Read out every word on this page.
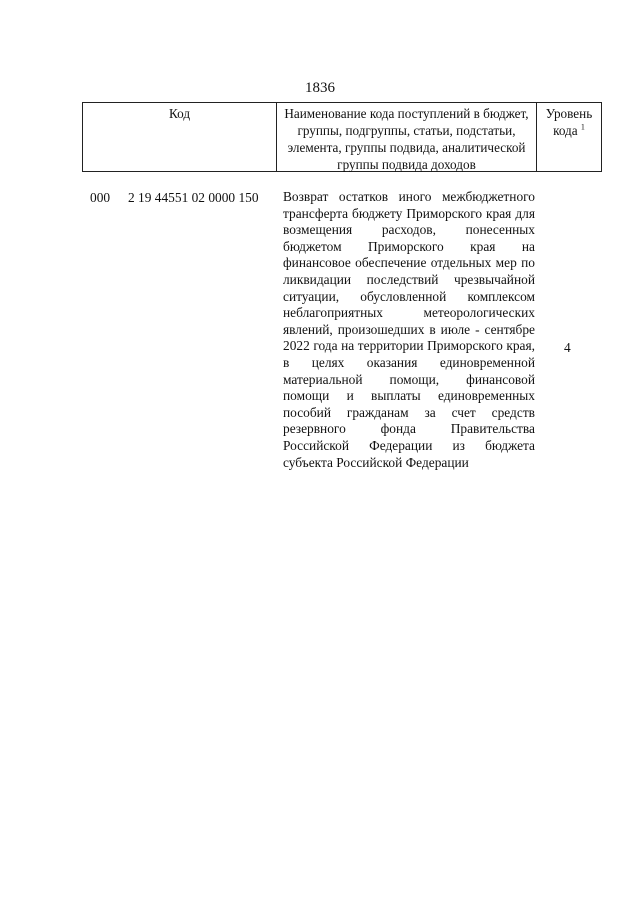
1836
Код	Наименование кода поступлений в бюджет, группы, подгруппы, статьи, подстатьи, элемента, группы подвида, аналитической группы подвида доходов
Уровень кода $^1$
000 2 19 44551 02 0000 150 Возврат остатков иного межбюджетного трансферта бюджету Приморского края для возмещения расходов, понесенных бюджетом Приморского края на финансовое обеспечение отдельных мер по ликвидации последствий чрезвычайной ситуации, обусловленной комплексом неблагоприятных метеорологических явлений, произошедших в июле - сентябре 2022 года на территории Приморского края, в целях оказания единовременной материальной помощи, финансовой помощи и выплаты единовременных пособий гражданам за счет средств резервного фонда Правительства Российской Федерации из бюджета субъекта Российской Федерации
4
